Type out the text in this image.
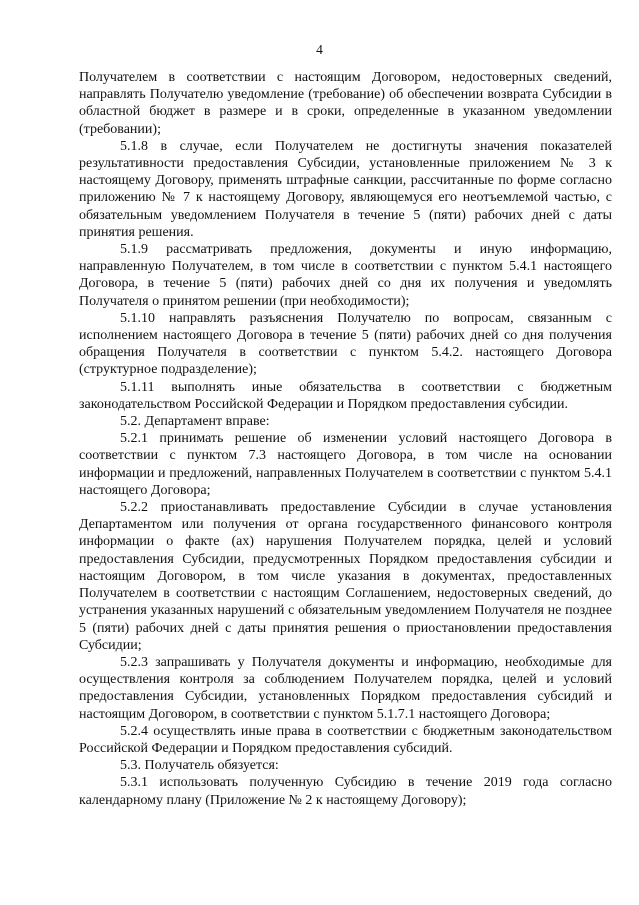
4

Получателем в соответствии с настоящим Договором, недостоверных сведений, направлять Получателю уведомление (требование) об обеспечении возврата Субсидии в областной бюджет в размере и в сроки, определенные в указанном уведомлении (требовании);

5.1.8 в случае, если Получателем не достигнуты значения показателей результативности предоставления Субсидии, установленные приложением № 3 к настоящему Договору, применять штрафные санкции, рассчитанные по форме согласно приложению № 7 к настоящему Договору, являющемуся его неотъемлемой частью, с обязательным уведомлением Получателя в течение 5 (пяти) рабочих дней с даты принятия решения.

5.1.9 рассматривать предложения, документы и иную информацию, направленную Получателем, в том числе в соответствии с пунктом 5.4.1 настоящего Договора, в течение 5 (пяти) рабочих дней со дня их получения и уведомлять Получателя о принятом решении (при необходимости);

5.1.10 направлять разъяснения Получателю по вопросам, связанным с исполнением настоящего Договора в течение 5 (пяти) рабочих дней со дня получения обращения Получателя в соответствии с пунктом 5.4.2. настоящего Договора (структурное подразделение);

5.1.11 выполнять иные обязательства в соответствии с бюджетным законодательством Российской Федерации и Порядком предоставления субсидии.

5.2. Департамент вправе:

5.2.1 принимать решение об изменении условий настоящего Договора в соответствии с пунктом 7.3 настоящего Договора, в том числе на основании информации и предложений, направленных Получателем в соответствии с пунктом 5.4.1 настоящего Договора;

5.2.2 приостанавливать предоставление Субсидии в случае установления Департаментом или получения от органа государственного финансового контроля информации о факте (ах) нарушения Получателем порядка, целей и условий предоставления Субсидии, предусмотренных Порядком предоставления субсидии и настоящим Договором, в том числе указания в документах, предоставленных Получателем в соответствии с настоящим Соглашением, недостоверных сведений, до устранения указанных нарушений с обязательным уведомлением Получателя не позднее 5 (пяти) рабочих дней с даты принятия решения о приостановлении предоставления Субсидии;

5.2.3 запрашивать у Получателя документы и информацию, необходимые для осуществления контроля за соблюдением Получателем порядка, целей и условий предоставления Субсидии, установленных Порядком предоставления субсидий и настоящим Договором, в соответствии с пунктом 5.1.7.1 настоящего Договора;

5.2.4 осуществлять иные права в соответствии с бюджетным законодательством Российской Федерации и Порядком предоставления субсидий.

5.3. Получатель обязуется:

5.3.1 использовать полученную Субсидию в течение 2019 года согласно календарному плану (Приложение № 2 к настоящему Договору);
